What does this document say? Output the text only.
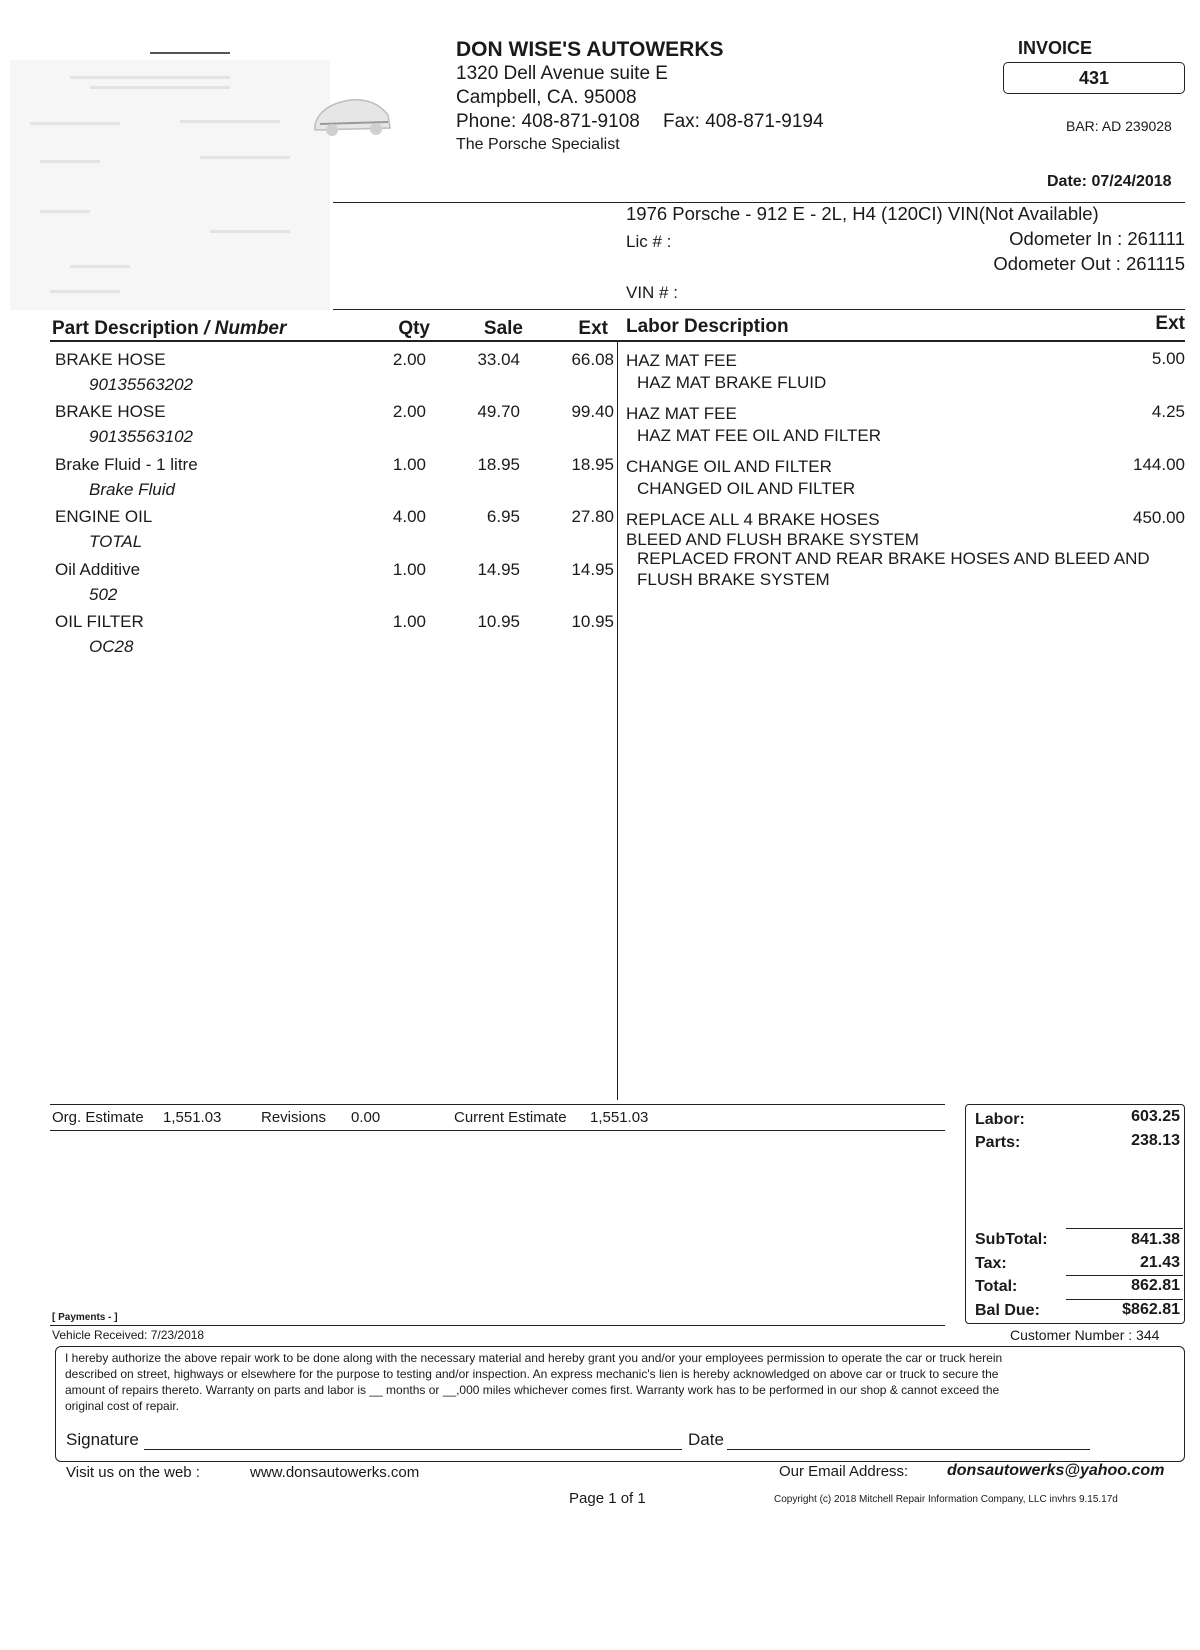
DON WISE'S AUTOWERKS
1320 Dell Avenue suite E
Campbell, CA. 95008
Phone: 408-871-9108 Fax: 408-871-9194
The Porsche Specialist
INVOICE
431
BAR: AD 239028
Date: 07/24/2018
1976 Porsche - 912 E - 2L, H4 (120CI) VIN(Not Available)
Lic # :	Odometer In : 261111
Odometer Out : 261115
VIN # :
Part Description / Number	Qty	Sale	Ext Labor Description	Ext
BRAKE HOSE
90135563202
2.00	33.04	66.08
BRAKE HOSE
90135563102
2.00	49.70	99.40
Brake Fluid - 1 litre
Brake Fluid
1.00	18.95	18.95
ENGINE OIL
TOTAL
4.00	6.95	27.80
Oil Additive
502
1.00	14.95	14.95
OIL FILTER
OC28
1.00	10.95	10.95
HAZ MAT FEE	5.00
HAZ MAT BRAKE FLUID
HAZ MAT FEE	4.25
HAZ MAT FEE OIL AND FILTER
CHANGE OIL AND FILTER	144.00
CHANGED OIL AND FILTER
REPLACE ALL 4 BRAKE HOSES	450.00
BLEED AND FLUSH BRAKE SYSTEM
REPLACED FRONT AND REAR BRAKE HOSES AND BLEED AND
FLUSH BRAKE SYSTEM
Org. Estimate 1,551.03	Revisions 0.00	Current Estimate 1,551.03	Labor:	603.25
Parts:	238.13
SubTotal:	841.38
Tax:	21.43
Total:	862.81
Bal Due:	$862.81
[ Payments - ]
Vehicle Received: 7/23/2018	Customer Number : 344
I hereby authorize the above repair work to be done along with the necessary material and hereby grant you and/or your employees permission to operate the car or truck herein
described on street, highways or elsewhere for the purpose to testing and/or inspection. An express mechanic's lien is hereby acknowledged on above car or truck to secure the
amount of repairs thereto. Warranty on parts and labor is __ months or __,000 miles whichever comes first. Warranty work has to be performed in our shop & cannot exceed the
original cost of repair.
Signature	Date
Visit us on the web :	www.donsautowerks.com	Our Email Address: donsautowerks@yahoo.com
Page 1 of 1	Copyright (c) 2018 Mitchell Repair Information Company, LLC invhrs 9.15.17d
